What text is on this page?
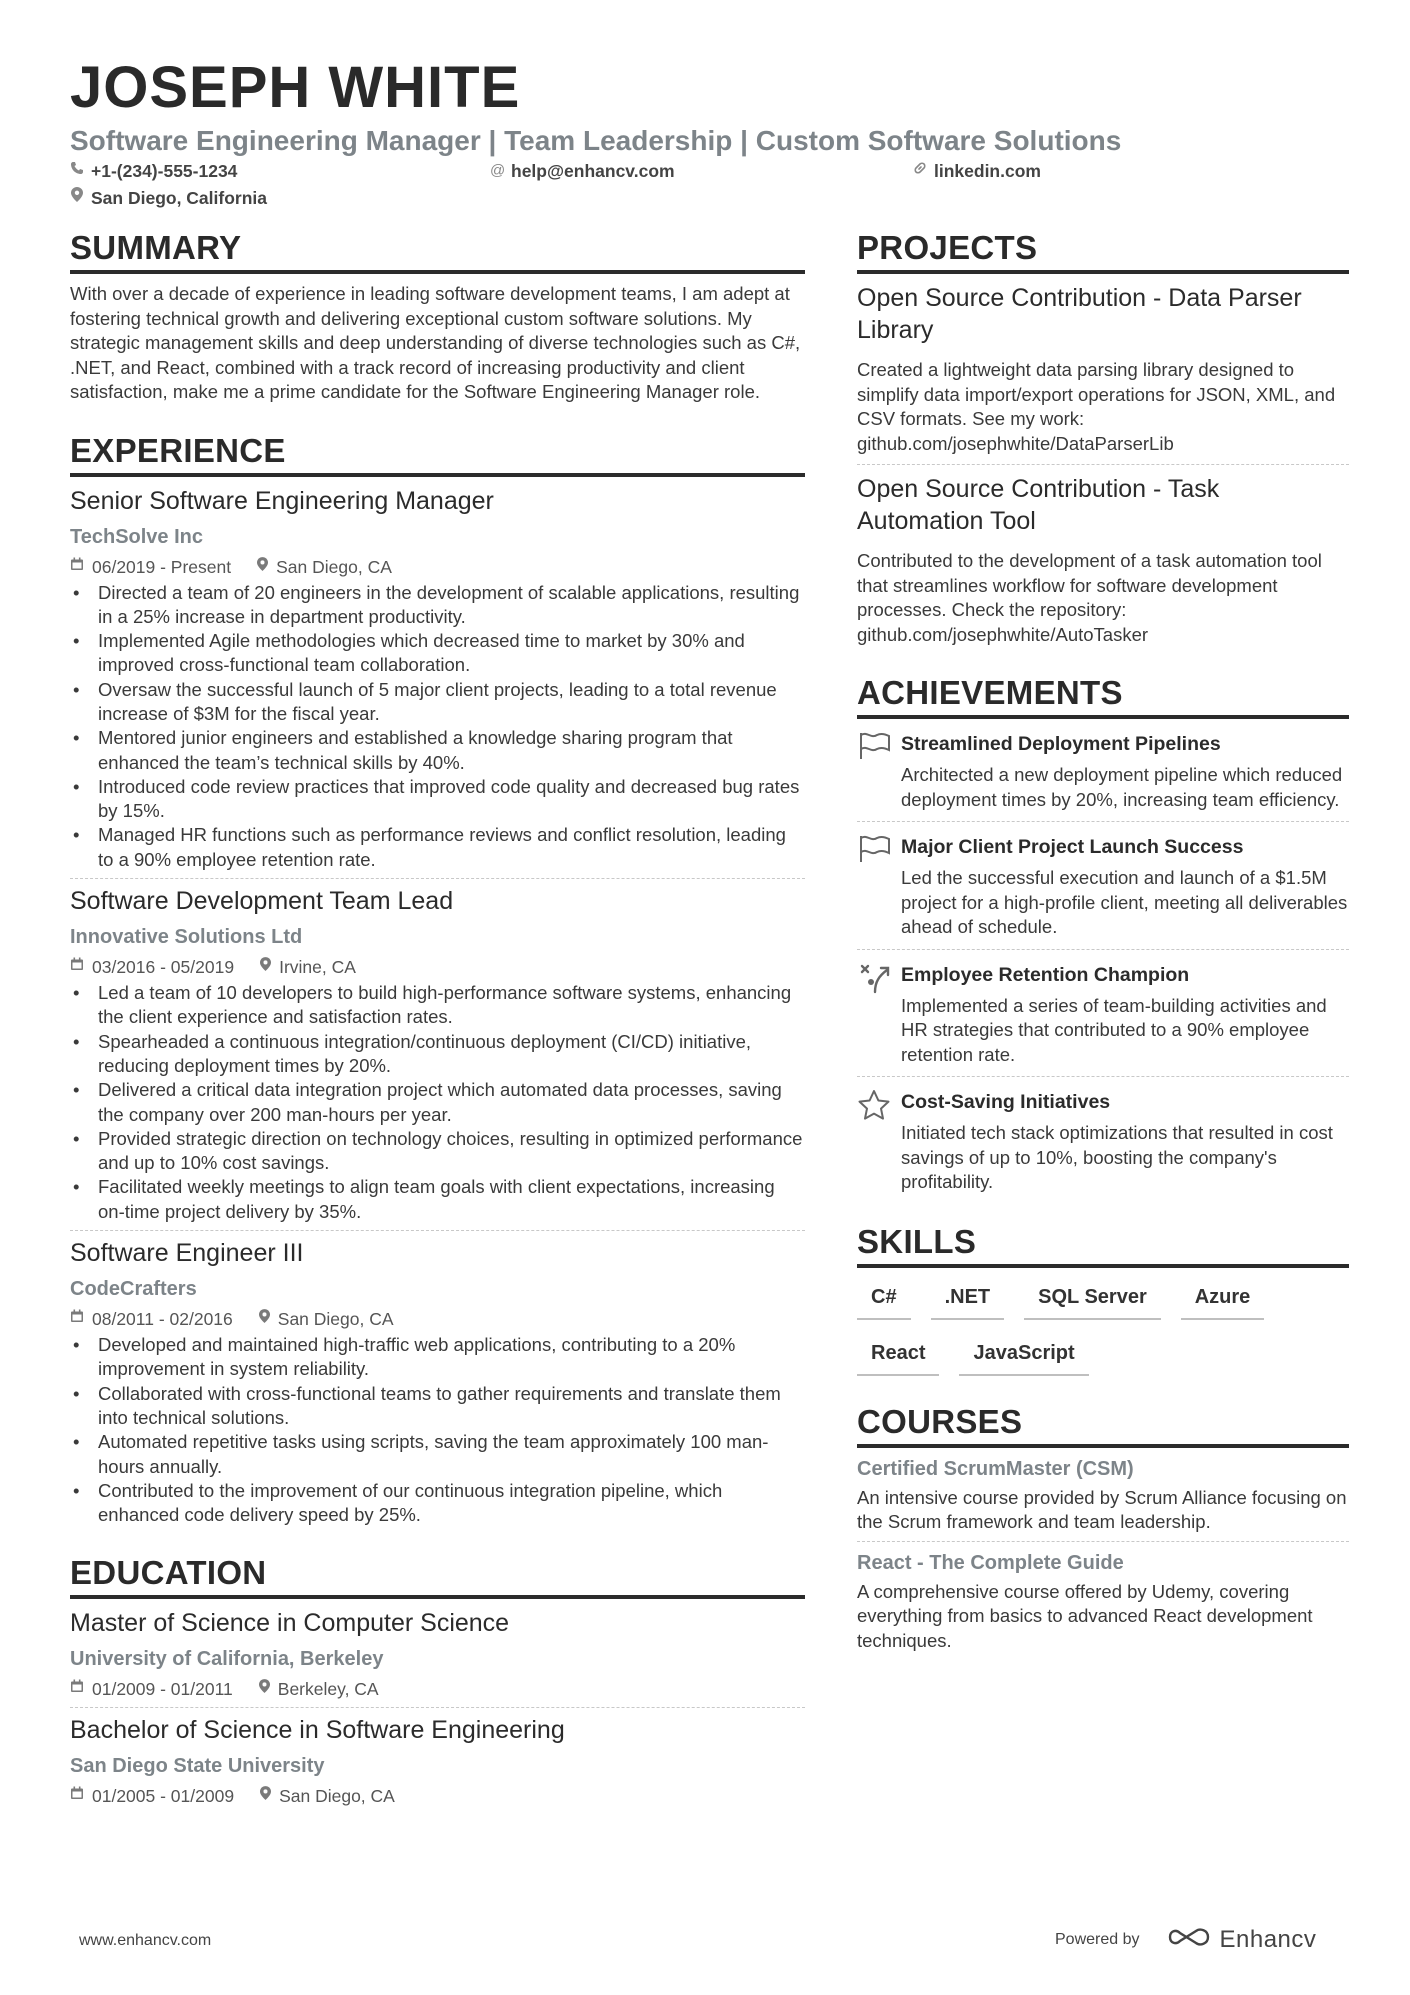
JOSEPH WHITE
Software Engineering Manager | Team Leadership | Custom Software Solutions
+1-(234)-555-1234	@ help@enhancv.com	linkedin.com
San Diego, California
SUMMARY
With over a decade of experience in leading software development teams, I am adept at fostering technical growth and delivering exceptional custom software solutions. My strategic management skills and deep understanding of diverse technologies such as C#, .NET, and React, combined with a track record of increasing productivity and client satisfaction, make me a prime candidate for the Software Engineering Manager role.
EXPERIENCE
Senior Software Engineering Manager
TechSolve Inc
06/2019 - Present	San Diego, CA
• Directed a team of 20 engineers in the development of scalable applications, resulting in a 25% increase in department productivity.
• Implemented Agile methodologies which decreased time to market by 30% and improved cross-functional team collaboration.
• Oversaw the successful launch of 5 major client projects, leading to a total revenue increase of $3M for the fiscal year.
• Mentored junior engineers and established a knowledge sharing program that enhanced the team’s technical skills by 40%.
• Introduced code review practices that improved code quality and decreased bug rates by 15%.
• Managed HR functions such as performance reviews and conflict resolution, leading to a 90% employee retention rate.
Software Development Team Lead
Innovative Solutions Ltd
03/2016 - 05/2019	Irvine, CA
• Led a team of 10 developers to build high-performance software systems, enhancing the client experience and satisfaction rates.
• Spearheaded a continuous integration/continuous deployment (CI/CD) initiative, reducing deployment times by 20%.
• Delivered a critical data integration project which automated data processes, saving the company over 200 man-hours per year.
• Provided strategic direction on technology choices, resulting in optimized performance and up to 10% cost savings.
• Facilitated weekly meetings to align team goals with client expectations, increasing on-time project delivery by 35%.
Software Engineer III
CodeCrafters
08/2011 - 02/2016	San Diego, CA
• Developed and maintained high-traffic web applications, contributing to a 20% improvement in system reliability.
• Collaborated with cross-functional teams to gather requirements and translate them into technical solutions.
• Automated repetitive tasks using scripts, saving the team approximately 100 man-hours annually.
• Contributed to the improvement of our continuous integration pipeline, which enhanced code delivery speed by 25%.
EDUCATION
Master of Science in Computer Science
University of California, Berkeley
01/2009 - 01/2011	Berkeley, CA
Bachelor of Science in Software Engineering
San Diego State University
01/2005 - 01/2009	San Diego, CA
PROJECTS
Open Source Contribution - Data Parser Library
Created a lightweight data parsing library designed to simplify data import/export operations for JSON, XML, and CSV formats. See my work: github.com/josephwhite/DataParserLib
Open Source Contribution - Task Automation Tool
Contributed to the development of a task automation tool that streamlines workflow for software development processes. Check the repository: github.com/josephwhite/AutoTasker
ACHIEVEMENTS
Streamlined Deployment Pipelines
Architected a new deployment pipeline which reduced deployment times by 20%, increasing team efficiency.
Major Client Project Launch Success
Led the successful execution and launch of a $1.5M project for a high-profile client, meeting all deliverables ahead of schedule.
Employee Retention Champion
Implemented a series of team-building activities and HR strategies that contributed to a 90% employee retention rate.
Cost-Saving Initiatives
Initiated tech stack optimizations that resulted in cost savings of up to 10%, boosting the company's profitability.
SKILLS
C#	.NET	SQL Server	Azure
React	JavaScript
COURSES
Certified ScrumMaster (CSM)
An intensive course provided by Scrum Alliance focusing on the Scrum framework and team leadership.
React - The Complete Guide
A comprehensive course offered by Udemy, covering everything from basics to advanced React development techniques.
www.enhancv.com	Powered by	Enhancv
